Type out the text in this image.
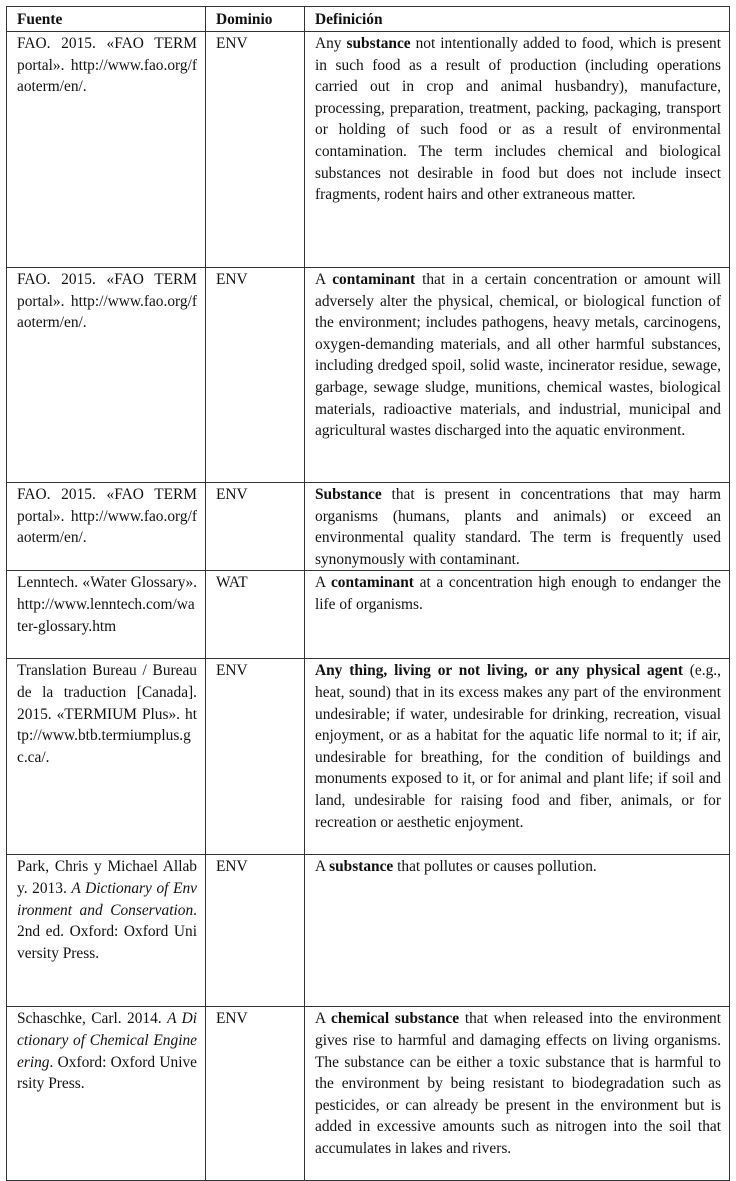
Fuente	Dominio	Definición
FAO. 2015. «FAO TERM portal». http://www.fao.org/faoterm/en/.	ENV	Any substance not intentionally added to food, which is present in such food as a result of production (including operations carried out in crop and animal husbandry), manufacture, processing, preparation, treatment, packing, packaging, transport or holding of such food or as a result of environmental contamination. The term includes chemical and biological substances not desirable in food but does not include insect fragments, rodent hairs and other extraneous matter.
FAO. 2015. «FAO TERM portal». http://www.fao.org/faoterm/en/.	ENV	A contaminant that in a certain concentration or amount will adversely alter the physical, chemical, or biological function of the environment; includes pathogens, heavy metals, carcinogens, oxygen-demanding materials, and all other harmful substances, including dredged spoil, solid waste, incinerator residue, sewage, garbage, sewage sludge, munitions, chemical wastes, biological materials, radioactive materials, and industrial, municipal and agricultural wastes discharged into the aquatic environment.
FAO. 2015. «FAO TERM portal». http://www.fao.org/faoterm/en/.	ENV	Substance that is present in concentrations that may harm organisms (humans, plants and animals) or exceed an environmental quality standard. The term is frequently used synonymously with contaminant.
Lenntech. «Water Glossary». http://www.lenntech.com/water-glossary.htm	WAT	A contaminant at a concentration high enough to endanger the life of organisms.
Translation Bureau / Bureau de la traduction [Canada]. 2015. «TERMIUM Plus». http://www.btb.termiumplus.gc.ca/.	ENV	Any thing, living or not living, or any physical agent (e.g., heat, sound) that in its excess makes any part of the environment undesirable; if water, undesirable for drinking, recreation, visual enjoyment, or as a habitat for the aquatic life normal to it; if air, undesirable for breathing, for the condition of buildings and monuments exposed to it, or for animal and plant life; if soil and land, undesirable for raising food and fiber, animals, or for recreation or aesthetic enjoyment.
Park, Chris y Michael Allaby. 2013. A Dictionary of Environment and Conservation. 2nd ed. Oxford: Oxford University Press.	ENV	A substance that pollutes or causes pollution.
Schaschke, Carl. 2014. A Dictionary of Chemical Engineering. Oxford: Oxford University Press.	ENV	A chemical substance that when released into the environment gives rise to harmful and damaging effects on living organisms. The substance can be either a toxic substance that is harmful to the environment by being resistant to biodegradation such as pesticides, or can already be present in the environment but is added in excessive amounts such as nitrogen into the soil that accumulates in lakes and rivers.
